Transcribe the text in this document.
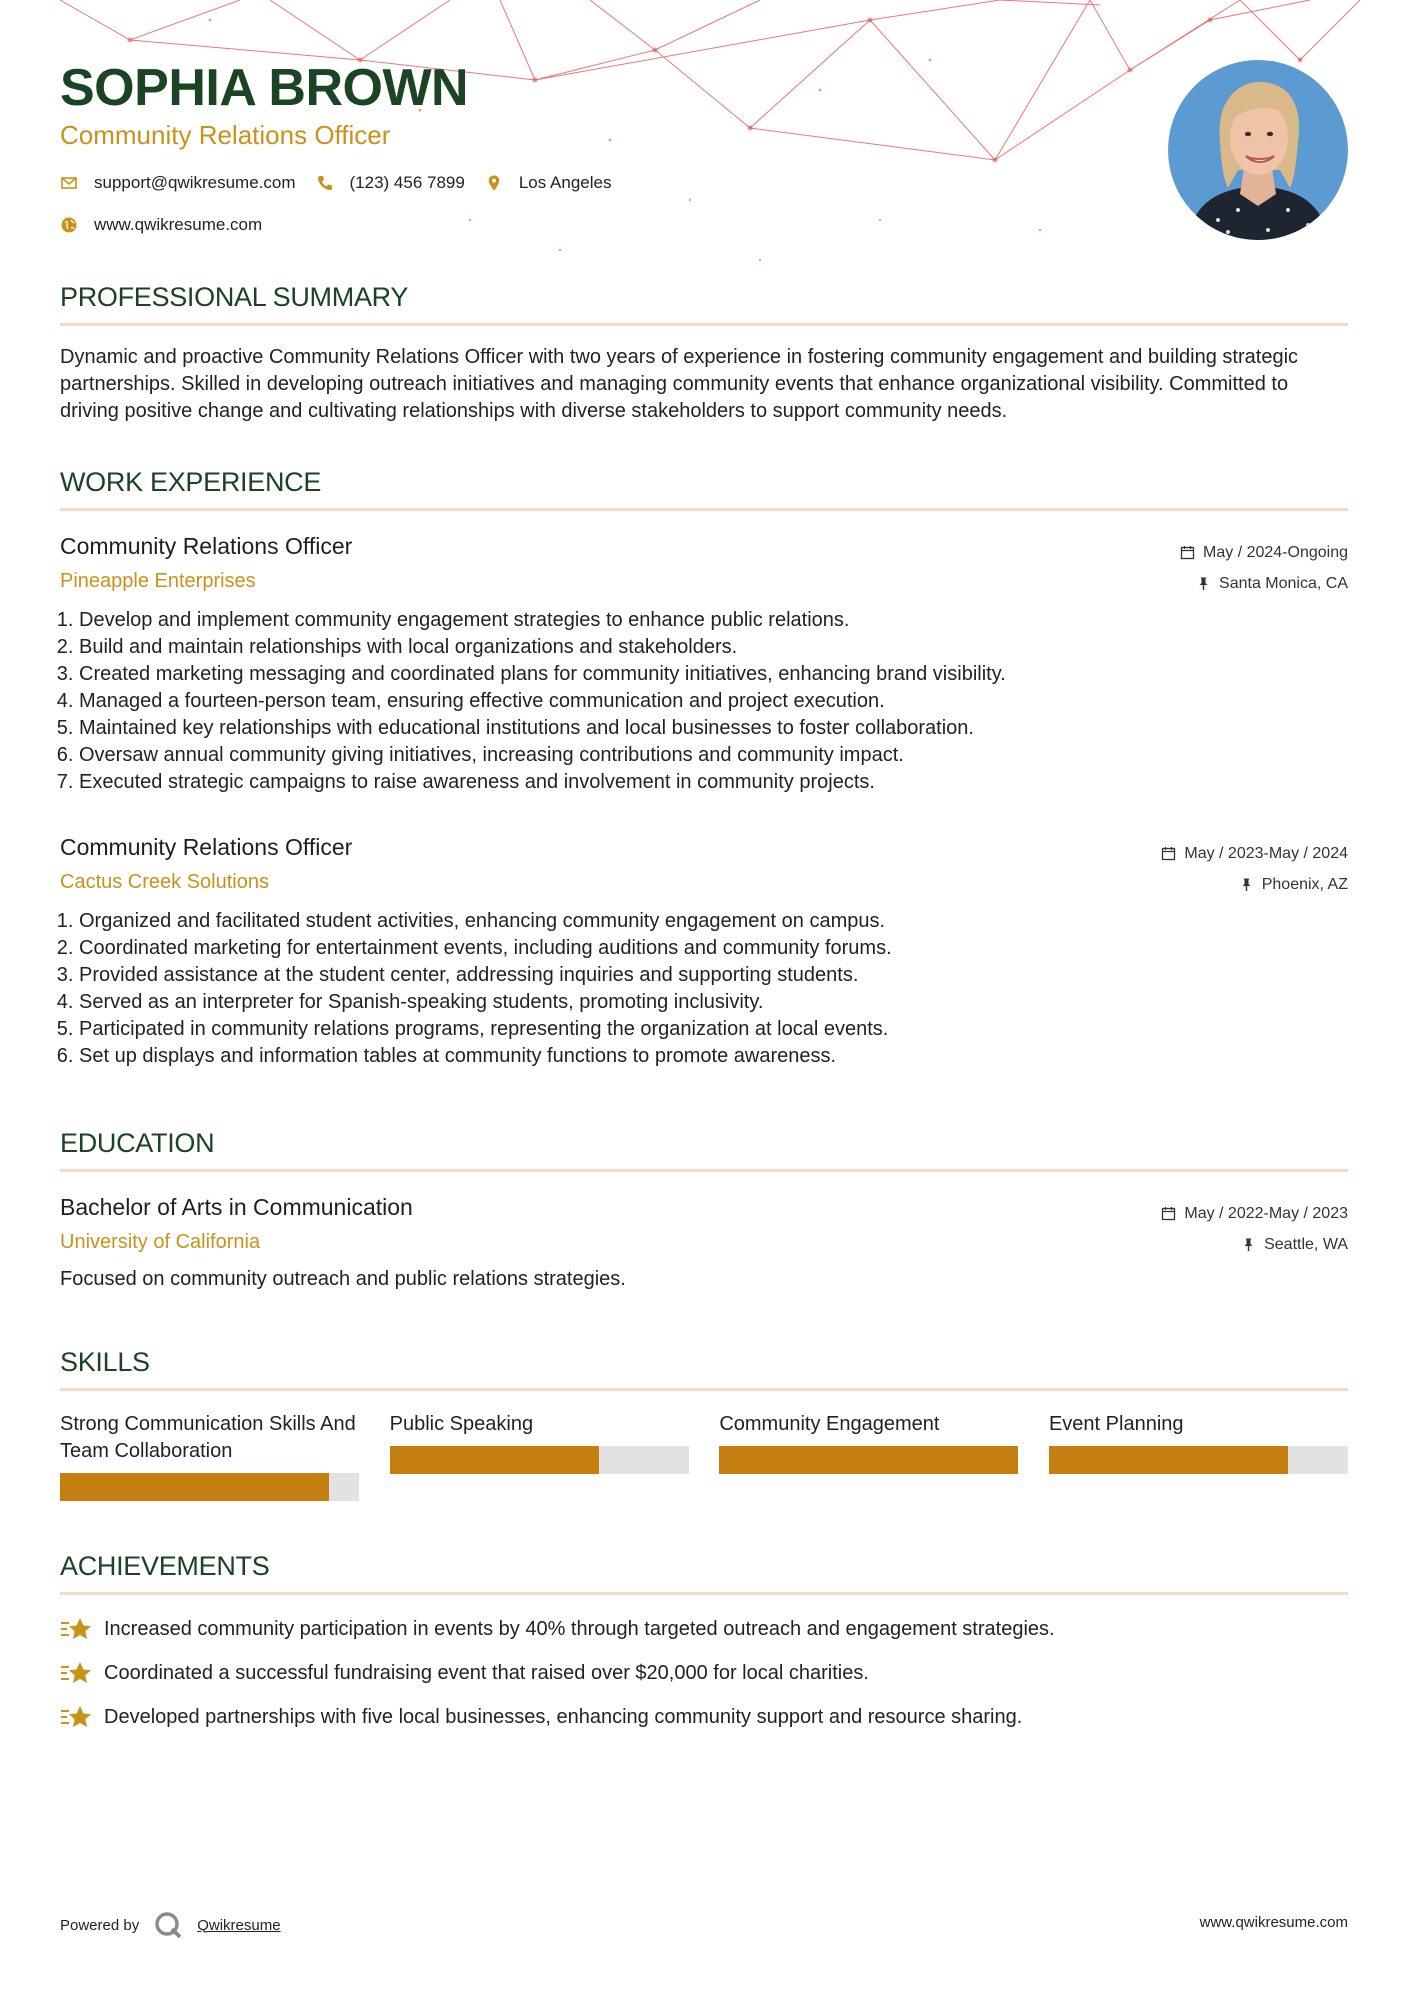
SOPHIA BROWN
Community Relations Officer
support@qwikresume.com	(123) 456 7899	Los Angeles
www.qwikresume.com
PROFESSIONAL SUMMARY
Dynamic and proactive Community Relations Officer with two years of experience in fostering community engagement and building strategic partnerships. Skilled in developing outreach initiatives and managing community events that enhance organizational visibility. Committed to driving positive change and cultivating relationships with diverse stakeholders to support community needs.
WORK EXPERIENCE
Community Relations Officer
Pineapple Enterprises
May / 2024-Ongoing
Santa Monica, CA
1. Develop and implement community engagement strategies to enhance public relations.
2. Build and maintain relationships with local organizations and stakeholders.
3. Created marketing messaging and coordinated plans for community initiatives, enhancing brand visibility.
4. Managed a fourteen-person team, ensuring effective communication and project execution.
5. Maintained key relationships with educational institutions and local businesses to foster collaboration.
6. Oversaw annual community giving initiatives, increasing contributions and community impact.
7. Executed strategic campaigns to raise awareness and involvement in community projects.
Community Relations Officer
Cactus Creek Solutions
May / 2023-May / 2024
Phoenix, AZ
1. Organized and facilitated student activities, enhancing community engagement on campus.
2. Coordinated marketing for entertainment events, including auditions and community forums.
3. Provided assistance at the student center, addressing inquiries and supporting students.
4. Served as an interpreter for Spanish-speaking students, promoting inclusivity.
5. Participated in community relations programs, representing the organization at local events.
6. Set up displays and information tables at community functions to promote awareness.
EDUCATION
Bachelor of Arts in Communication
University of California
May / 2022-May / 2023
Seattle, WA
Focused on community outreach and public relations strategies.
SKILLS
Strong Communication Skills And Team Collaboration
Public Speaking	Community Engagement	Event Planning
ACHIEVEMENTS
Increased community participation in events by 40% through targeted outreach and engagement strategies.
Coordinated a successful fundraising event that raised over $20,000 for local charities.
Developed partnerships with five local businesses, enhancing community support and resource sharing.
Powered by	Qwikresume	www.qwikresume.com
